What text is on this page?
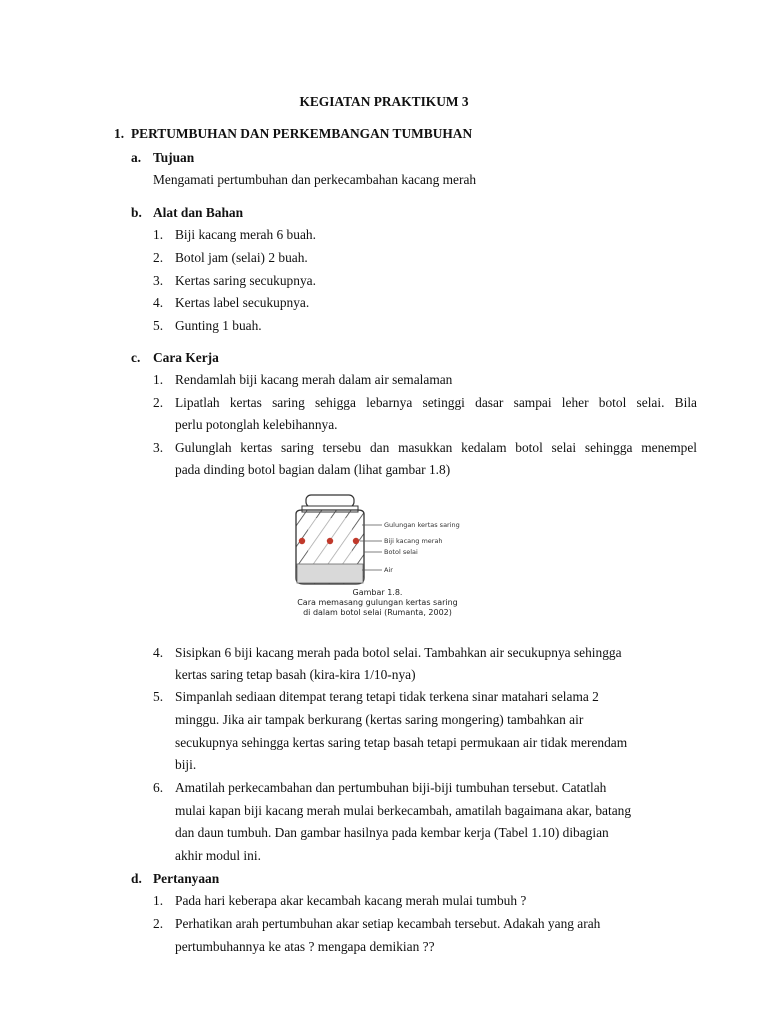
KEGIATAN PRAKTIKUM 3
1. PERTUMBUHAN DAN PERKEMBANGAN TUMBUHAN
a. Tujuan
Mengamati pertumbuhan dan perkecambahan kacang merah
b. Alat dan Bahan
1. Biji kacang merah 6 buah.
2. Botol jam (selai) 2 buah.
3. Kertas saring secukupnya.
4. Kertas label secukupnya.
5. Gunting 1 buah.
c. Cara Kerja
1. Rendamlah biji kacang merah dalam air semalaman
2. Lipatlah kertas saring sehigga lebarnya setinggi dasar sampai leher botol selai. Bila
perlu potonglah kelebihannya.
3. Gulunglah kertas saring tersebu dan masukkan kedalam botol selai sehingga menempel
pada dinding botol bagian dalam (lihat gambar 1.8)
Gulungan kertas saring
Biji kacang merah
Botol selai
Air
Gambar 1.8.
Cara memasang gulungan kertas saring
di dalam botol selai (Rumanta, 2002)
4. Sisipkan 6 biji kacang merah pada botol selai. Tambahkan air secukupnya sehingga
kertas saring tetap basah (kira-kira 1/10-nya)
5. Simpanlah sediaan ditempat terang tetapi tidak terkena sinar matahari selama 2
minggu. Jika air tampak berkurang (kertas saring mongering) tambahkan air
secukupnya sehingga kertas saring tetap basah tetapi permukaan air tidak merendam
biji.
6. Amatilah perkecambahan dan pertumbuhan biji-biji tumbuhan tersebut. Catatlah
mulai kapan biji kacang merah mulai berkecambah, amatilah bagaimana akar, batang
dan daun tumbuh. Dan gambar hasilnya pada kembar kerja (Tabel 1.10) dibagian
akhir modul ini.
d. Pertanyaan
1. Pada hari keberapa akar kecambah kacang merah mulai tumbuh ?
2. Perhatikan arah pertumbuhan akar setiap kecambah tersebut. Adakah yang arah
pertumbuhannya ke atas ? mengapa demikian ??
